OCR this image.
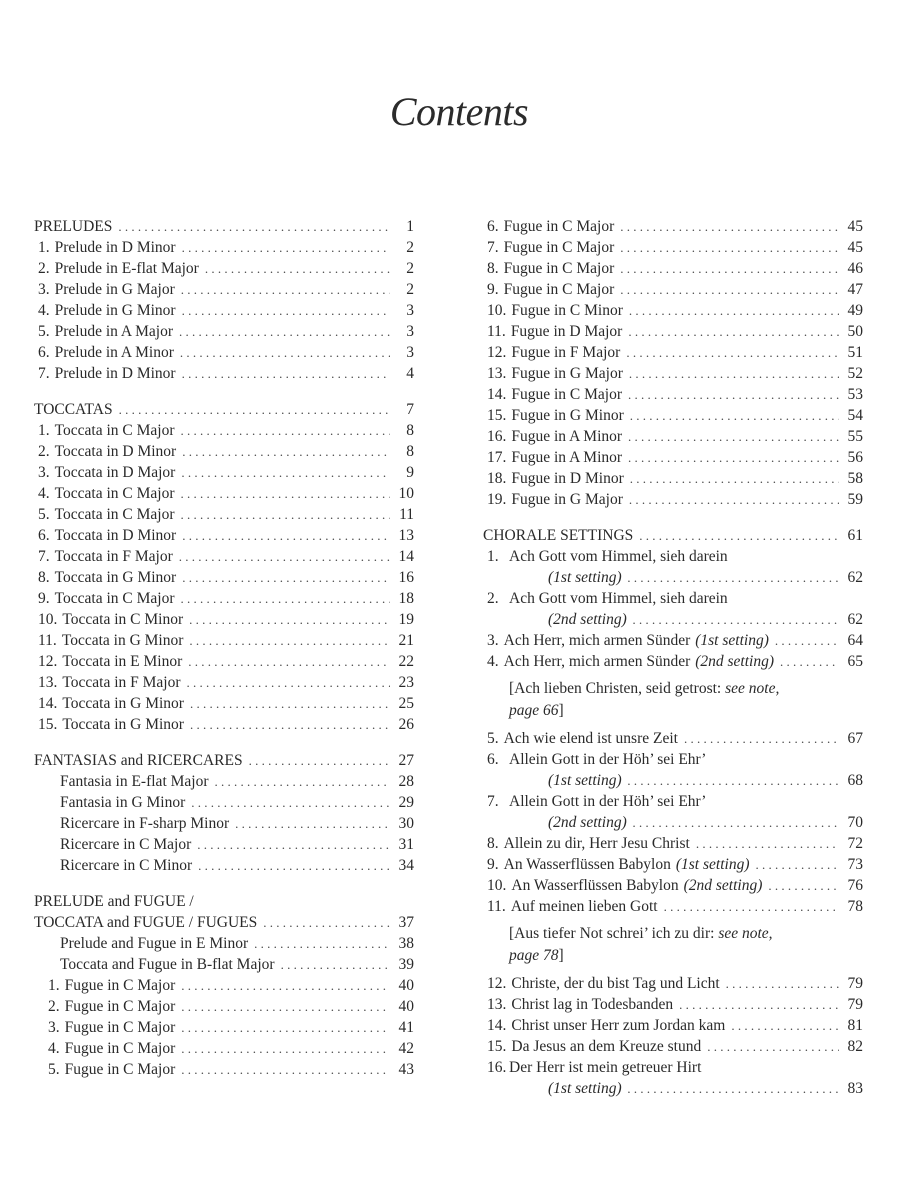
Contents
PRELUDES . . .	1
1. Prelude in D Minor . . .	2
2. Prelude in E-flat Major . . .	2
3. Prelude in G Major . . .	2
4. Prelude in G Minor . . .	3
5. Prelude in A Major . . .	3
6. Prelude in A Minor . . .	3
7. Prelude in D Minor . . .	4
TOCCATAS . . .	7
1. Toccata in C Major . . .	8
2. Toccata in D Minor . . .	8
3. Toccata in D Major . . .	9
4. Toccata in C Major . . .	10
5. Toccata in C Major . . .	11
6. Toccata in D Minor . . .	13
7. Toccata in F Major . . .	14
8. Toccata in G Minor . . .	16
9. Toccata in C Major . . .	18
10. Toccata in C Minor . . .	19
11. Toccata in G Minor . . .	21
12. Toccata in E Minor . . .	22
13. Toccata in F Major . . .	23
14. Toccata in G Minor . . .	25
15. Toccata in G Minor . . .	26
FANTASIAS and RICERCARES . . .	27
Fantasia in E-flat Major . . .	28
Fantasia in G Minor . . .	29
Ricercare in F-sharp Minor . . .	30
Ricercare in C Major . . .	31
Ricercare in C Minor . . .	34
PRELUDE and FUGUE /
TOCCATA and FUGUE / FUGUES . . .	37
Prelude and Fugue in E Minor . . .	38
Toccata and Fugue in B-flat Major . . .	39
1. Fugue in C Major . . .	40
2. Fugue in C Major . . .	40
3. Fugue in C Major . . .	41
4. Fugue in C Major . . .	42
5. Fugue in C Major . . .	43
6. Fugue in C Major . . .	45
7. Fugue in C Major . . .	45
8. Fugue in C Major . . .	46
9. Fugue in C Major . . .	47
10. Fugue in C Minor . . .	49
11. Fugue in D Major . . .	50
12. Fugue in F Major . . .	51
13. Fugue in G Major . . .	52
14. Fugue in C Major . . .	53
15. Fugue in G Minor . . .	54
16. Fugue in A Minor . . .	55
17. Fugue in A Minor . . .	56
18. Fugue in D Minor . . .	58
19. Fugue in G Major . . .	59
CHORALE SETTINGS . . .	61
1. Ach Gott vom Himmel, sieh darein
(1st setting) . . .	62
2. Ach Gott vom Himmel, sieh darein
(2nd setting) . . .	62
3. Ach Herr, mich armen Sünder (1st setting) . . .	64
4. Ach Herr, mich armen Sünder (2nd setting) . . .	65
[Ach lieben Christen, seid getrost: see note,
page 66]
5. Ach wie elend ist unsre Zeit . . .	67
6. Allein Gott in der Höh’ sei Ehr’
(1st setting) . . .	68
7. Allein Gott in der Höh’ sei Ehr’
(2nd setting) . . .	70
8. Allein zu dir, Herr Jesu Christ . . .	72
9. An Wasserflüssen Babylon (1st setting) . . .	73
10. An Wasserflüssen Babylon (2nd setting) . . .	76
11. Auf meinen lieben Gott . . .	78
[Aus tiefer Not schrei’ ich zu dir: see note,
page 78]
12. Christe, der du bist Tag und Licht . . .	79
13. Christ lag in Todesbanden . . .	79
14. Christ unser Herr zum Jordan kam . . .	81
15. Da Jesus an dem Kreuze stund . . .	82
16. Der Herr ist mein getreuer Hirt
(1st setting) . . .	83
